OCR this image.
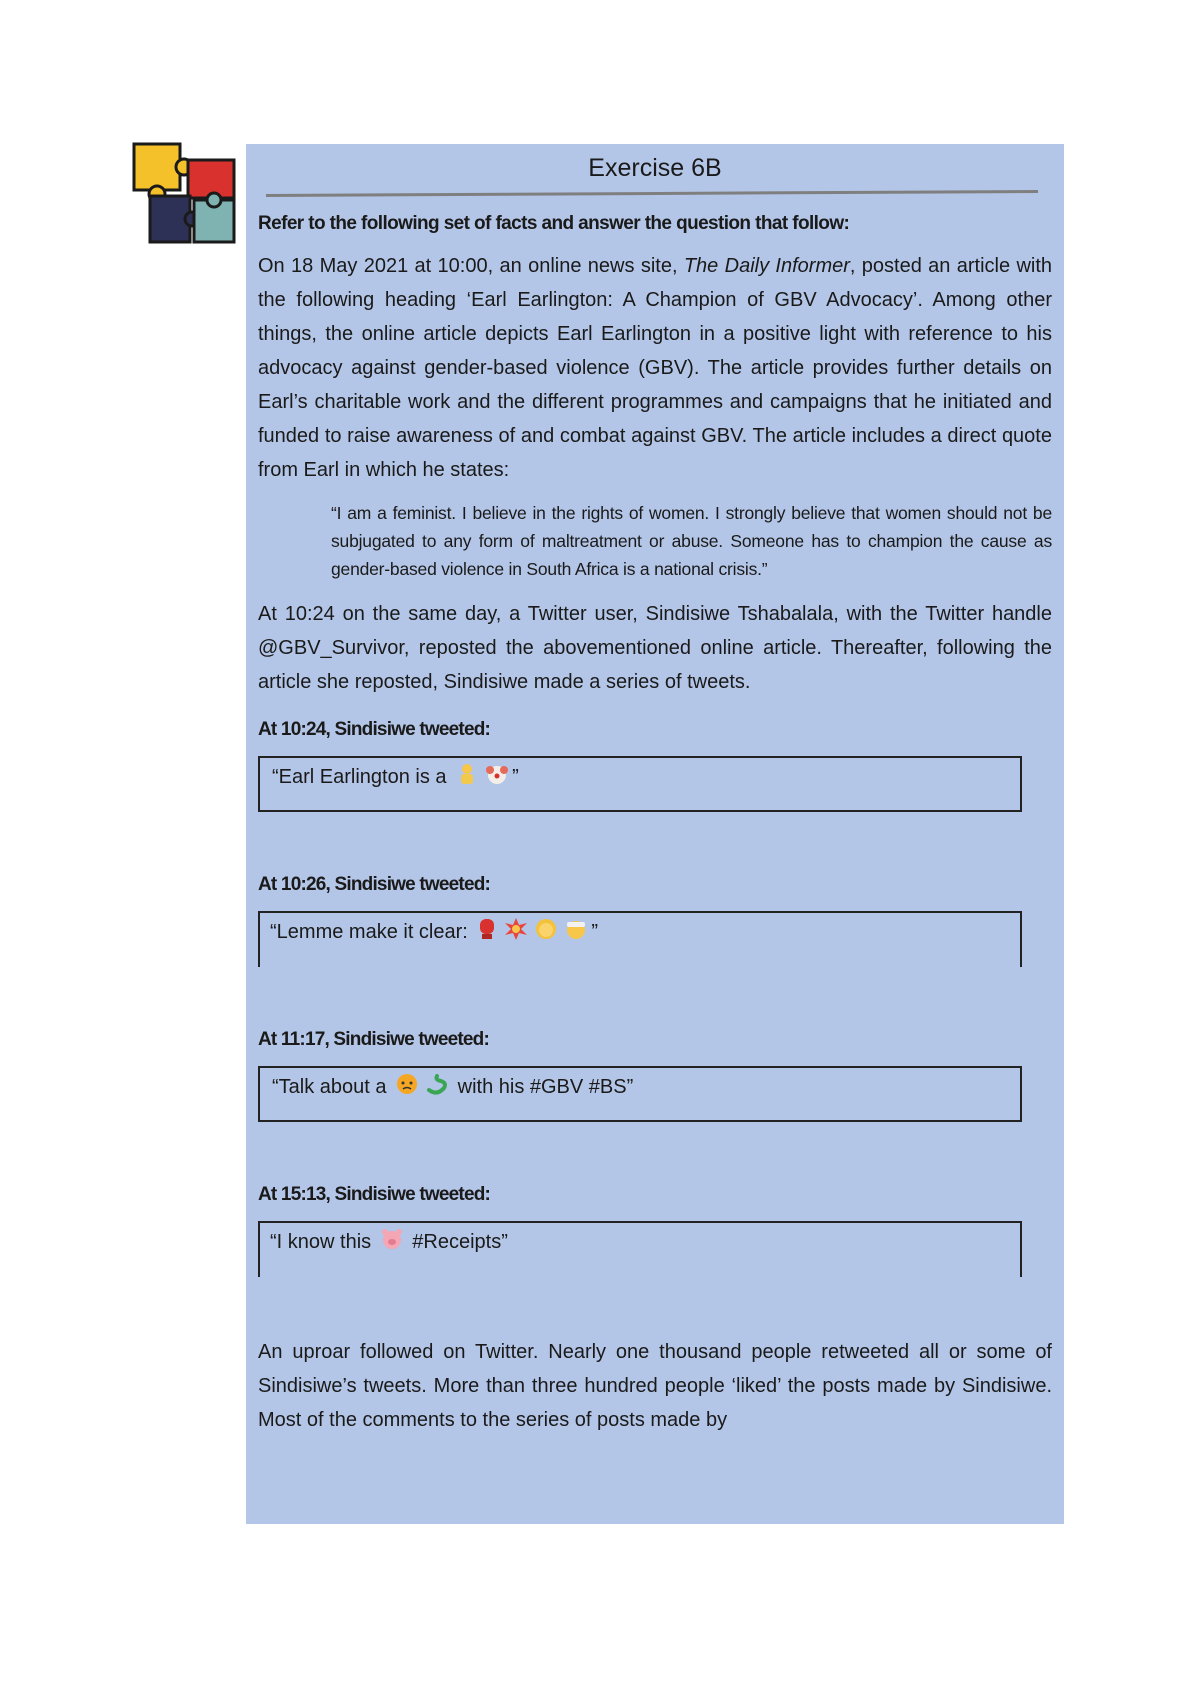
Exercise 6B
Refer to the following set of facts and answer the question that follow:

On 18 May 2021 at 10:00, an online news site, The Daily Informer, posted an article with the following heading ‘Earl Earlington: A Champion of GBV Advocacy’. Among other things, the online article depicts Earl Earlington in a positive light with reference to his advocacy against gender-based violence (GBV). The article provides further details on Earl’s charitable work and the different programmes and campaigns that he initiated and funded to raise awareness of and combat against GBV. The article includes a direct quote from Earl in which he states:

“I am a feminist. I believe in the rights of women. I strongly believe that women should not be subjugated to any form of maltreatment or abuse. Someone has to champion the cause as gender-based violence in South Africa is a national crisis.”

At 10:24 on the same day, a Twitter user, Sindisiwe Tshabalala, with the Twitter handle @GBV_Survivor, reposted the abovementioned online article. Thereafter, following the article she reposted, Sindisiwe made a series of tweets.

At 10:24, Sindisiwe tweeted:
“Earl Earlington is a	”
At 10:26, Sindisiwe tweeted:
“Lemme make it clear:	”
At 11:17, Sindisiwe tweeted:
“Talk about a	with his #GBV #BS”
At 15:13, Sindisiwe tweeted:
“I know this  #Receipts”

An uproar followed on Twitter. Nearly one thousand people retweeted all or some of Sindisiwe’s tweets. More than three hundred people ‘liked’ the posts made by Sindisiwe. Most of the comments to the series of posts made by
